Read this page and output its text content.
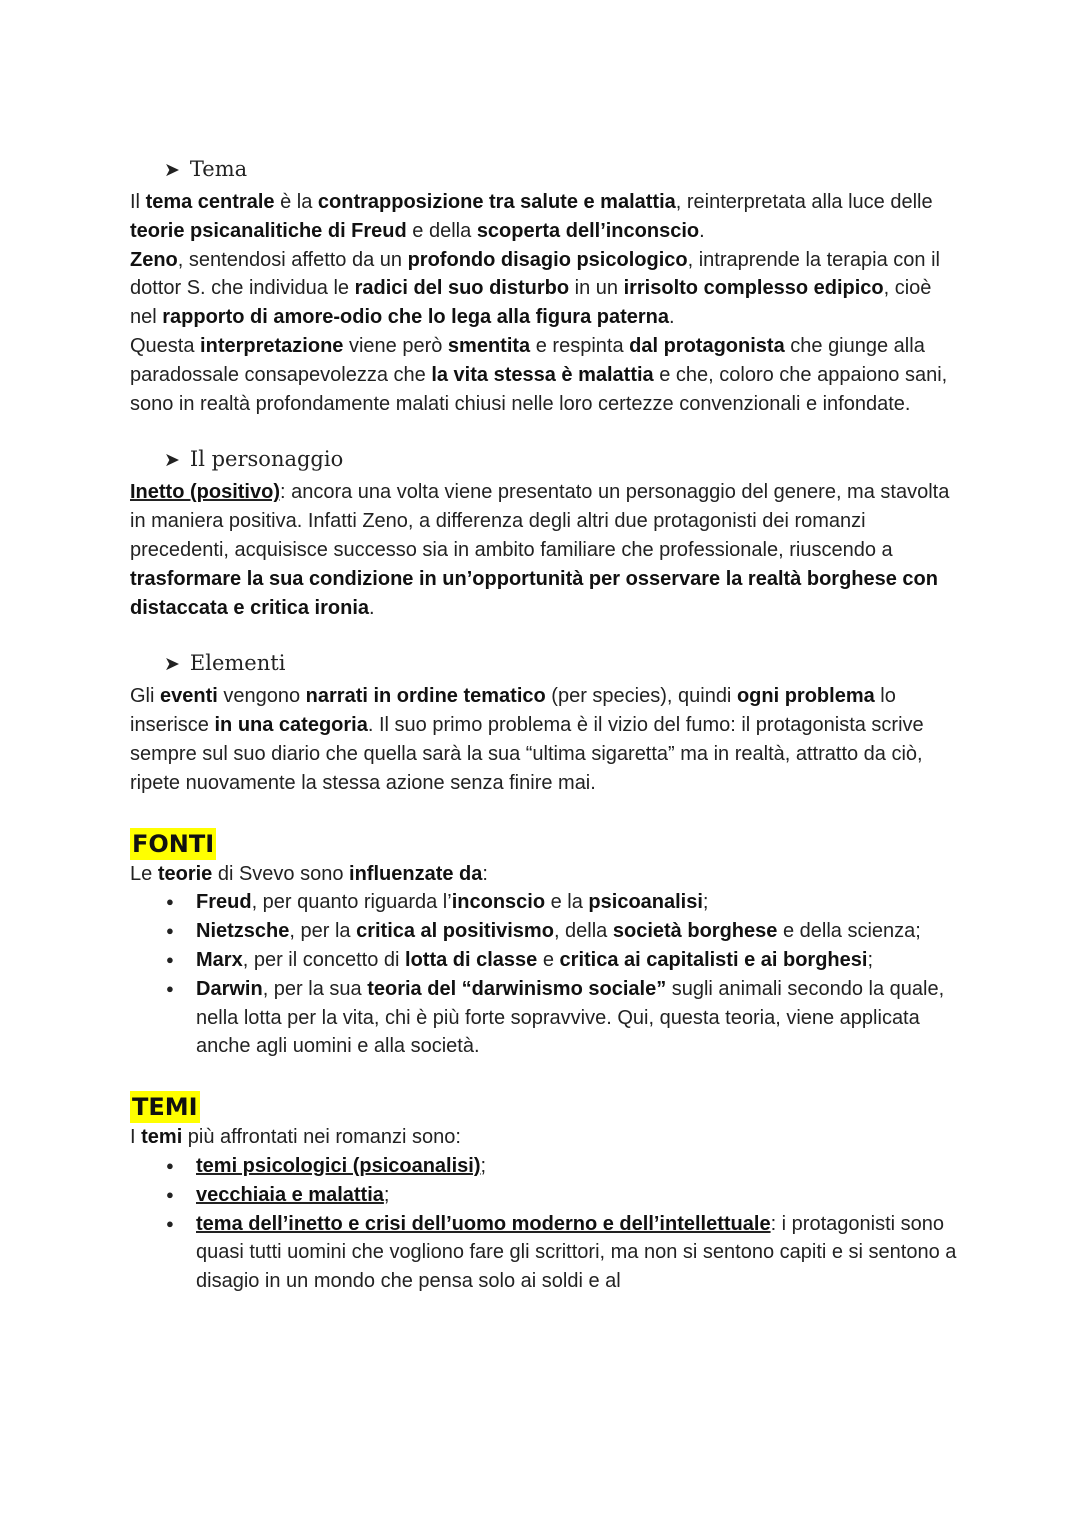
➤ Tema

Il tema centrale è la contrapposizione tra salute e malattia, reinterpretata alla luce delle teorie psicanalitiche di Freud e della scoperta dell’inconscio.

Zeno, sentendosi affetto da un profondo disagio psicologico, intraprende la terapia con il dottor S. che individua le radici del suo disturbo in un irrisolto complesso edipico, cioè nel rapporto di amore-odio che lo lega alla figura paterna.

Questa interpretazione viene però smentita e respinta dal protagonista che giunge alla paradossale consapevolezza che la vita stessa è malattia e che, coloro che appaiono sani, sono in realtà profondamente malati chiusi nelle loro certezze convenzionali e infondate.

➤ Il personaggio

Inetto (positivo): ancora una volta viene presentato un personaggio del genere, ma stavolta in maniera positiva. Infatti Zeno, a differenza degli altri due protagonisti dei romanzi precedenti, acquisisce successo sia in ambito familiare che professionale, riuscendo a trasformare la sua condizione in un’opportunità per osservare la realtà borghese con distaccata e critica ironia.

➤ Elementi

Gli eventi vengono narrati in ordine tematico (per species), quindi ogni problema lo inserisce in una categoria. Il suo primo problema è il vizio del fumo: il protagonista scrive sempre sul suo diario che quella sarà la sua “ultima sigaretta” ma in realtà, attratto da ciò, ripete nuovamente la stessa azione senza finire mai.

FONTI

Le teorie di Svevo sono influenzate da:

● Freud, per quanto riguarda l’inconscio e la psicoanalisi;
● Nietzsche, per la critica al positivismo, della società borghese e della scienza;
● Marx, per il concetto di lotta di classe e critica ai capitalisti e ai borghesi;
● Darwin, per la sua teoria del “darwinismo sociale” sugli animali secondo la quale, nella lotta per la vita, chi è più forte sopravvive. Qui, questa teoria, viene applicata anche agli uomini e alla società.
TEMI

I temi più affrontati nei romanzi sono:

● temi psicologici (psicoanalisi);
● vecchiaia e malattia;
● tema dell’inetto e crisi dell’uomo moderno e dell’intellettuale: i protagonisti sono quasi tutti uomini che vogliono fare gli scrittori, ma non si sentono capiti e si sentono a disagio in un mondo che pensa solo ai soldi e al
